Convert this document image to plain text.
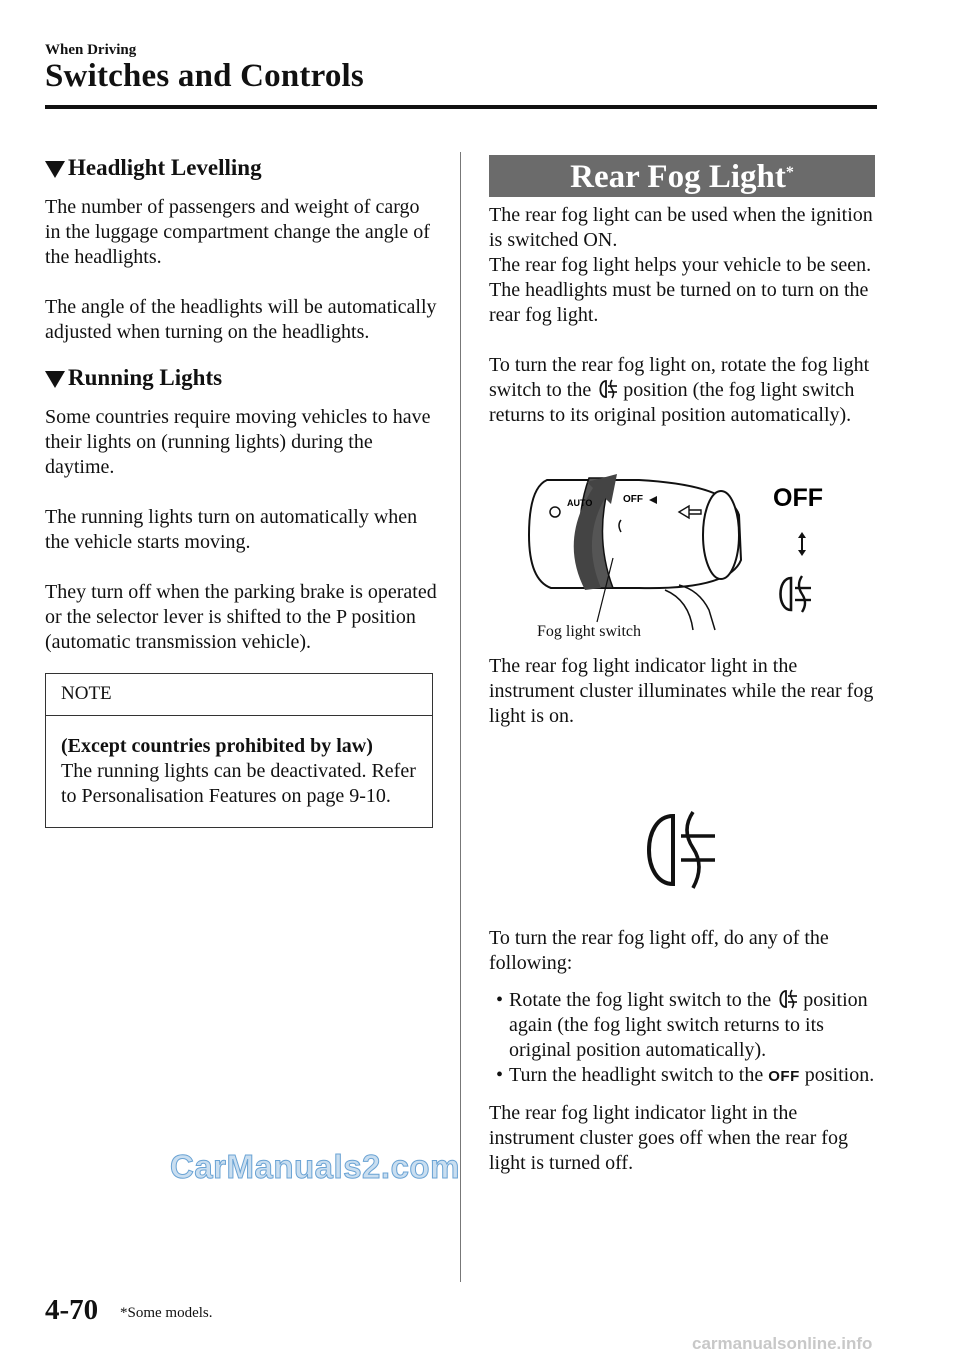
When Driving
Switches and Controls
Headlight Levelling

The number of passengers and weight of cargo in the luggage compartment change the angle of the headlights.

The angle of the headlights will be automatically adjusted when turning on the headlights.

Running Lights

Some countries require moving vehicles to have their lights on (running lights) during the daytime.

The running lights turn on automatically when the vehicle starts moving.

They turn off when the parking brake is operated or the selector lever is shifted to the P position (automatic transmission vehicle).

NOTE
(Except countries prohibited by law)
The running lights can be deactivated. Refer to Personalisation Features on page 9-10.
Rear Fog Light*

The rear fog light can be used when the ignition is switched ON.

The rear fog light helps your vehicle to be seen.

The headlights must be turned on to turn on the rear fog light.

To turn the rear fog light on, rotate the fog light switch to the position (the fog light switch returns to its original position automatically).

AUTO	OFF	OFF
Fog light switch

The rear fog light indicator light in the instrument cluster illuminates while the rear fog light is on.

To turn the rear fog light off, do any of the following:

• Rotate the fog light switch to the position again (the fog light switch returns to its original position automatically).
• Turn the headlight switch to the OFF position.

The rear fog light indicator light in the instrument cluster goes off when the rear fog light is turned off.

CarManuals2.com
carmanualsonline.info
4-70 *Some models.
